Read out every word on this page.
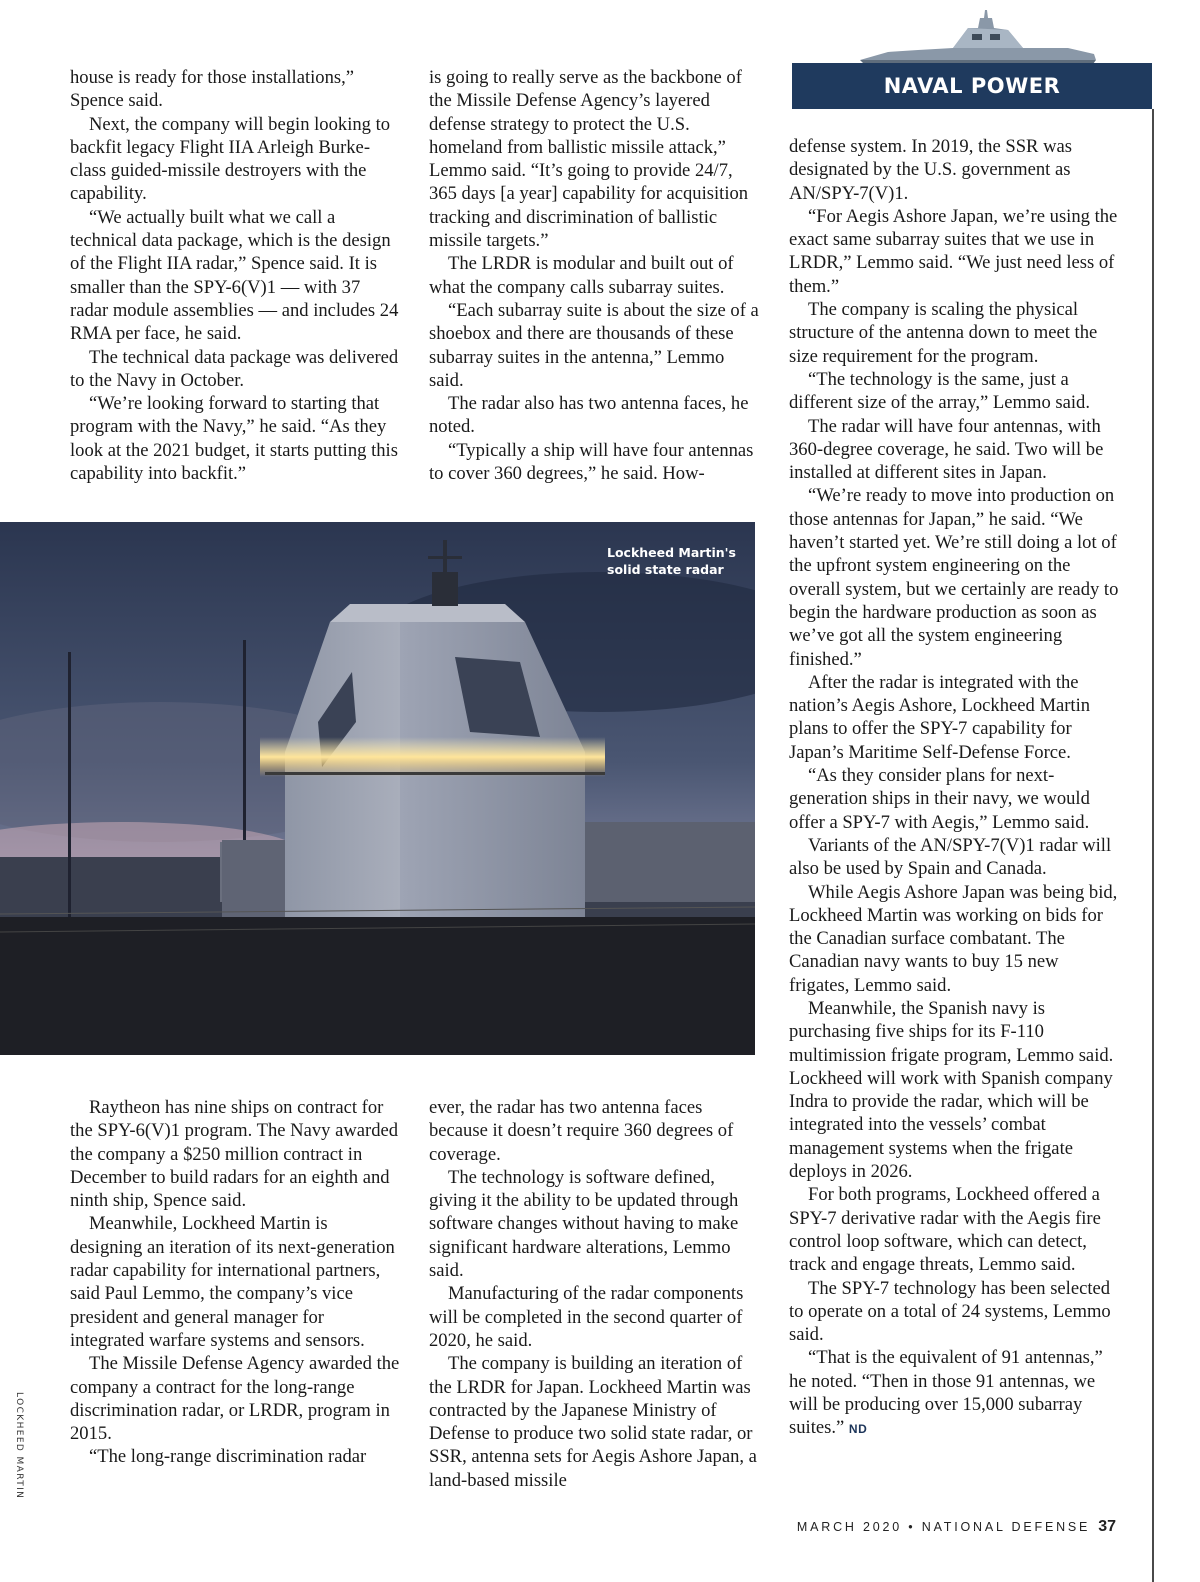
NAVAL POWER

house is ready for those installations,” Spence said.

Next, the company will begin looking to backfit legacy Flight IIA Arleigh Burke-class guided-missile destroyers with the capability.

“We actually built what we call a technical data package, which is the design of the Flight IIA radar,” Spence said. It is smaller than the SPY-6(V)1 — with 37 radar module assemblies — and includes 24 RMA per face, he said.

The technical data package was delivered to the Navy in October.

“We’re looking forward to starting that program with the Navy,” he said. “As they look at the 2021 budget, it starts putting this capability into backfit.”

is going to really serve as the backbone of the Missile Defense Agency’s layered defense strategy to protect the U.S. homeland from ballistic missile attack,” Lemmo said. “It’s going to provide 24/7, 365 days [a year] capability for acquisition tracking and discrimination of ballistic missile targets.”

The LRDR is modular and built out of what the company calls subarray suites.

“Each subarray suite is about the size of a shoebox and there are thousands of these subarray suites in the antenna,” Lemmo said.

The radar also has two antenna faces, he noted.

“Typically a ship will have four antennas to cover 360 degrees,” he said. How-

Lockheed Martin's
solid state radar

Raytheon has nine ships on contract for the SPY-6(V)1 program. The Navy awarded the company a $250 million contract in December to build radars for an eighth and ninth ship, Spence said.

Meanwhile, Lockheed Martin is designing an iteration of its next-generation radar capability for international partners, said Paul Lemmo, the company’s vice president and general manager for integrated warfare systems and sensors.

The Missile Defense Agency awarded the company a contract for the long-range discrimination radar, or LRDR, program in 2015.

“The long-range discrimination radar

ever, the radar has two antenna faces because it doesn’t require 360 degrees of coverage.

The technology is software defined, giving it the ability to be updated through software changes without having to make significant hardware alterations, Lemmo said.

Manufacturing of the radar components will be completed in the second quarter of 2020, he said.

The company is building an iteration of the LRDR for Japan. Lockheed Martin was contracted by the Japanese Ministry of Defense to produce two solid state radar, or SSR, antenna sets for Aegis Ashore Japan, a land-based missile

defense system. In 2019, the SSR was designated by the U.S. government as AN/SPY-7(V)1.

“For Aegis Ashore Japan, we’re using the exact same subarray suites that we use in LRDR,” Lemmo said. “We just need less of them.”

The company is scaling the physical structure of the antenna down to meet the size requirement for the program.

“The technology is the same, just a different size of the array,” Lemmo said.

The radar will have four antennas, with 360-degree coverage, he said. Two will be installed at different sites in Japan.

“We’re ready to move into production on those antennas for Japan,” he said. “We haven’t started yet. We’re still doing a lot of the upfront system engineering on the overall system, but we certainly are ready to begin the hardware production as soon as we’ve got all the system engineering finished.”

After the radar is integrated with the nation’s Aegis Ashore, Lockheed Martin plans to offer the SPY-7 capability for Japan’s Maritime Self-Defense Force.

“As they consider plans for next-generation ships in their navy, we would offer a SPY-7 with Aegis,” Lemmo said.

Variants of the AN/SPY-7(V)1 radar will also be used by Spain and Canada.

While Aegis Ashore Japan was being bid, Lockheed Martin was working on bids for the Canadian surface combatant. The Canadian navy wants to buy 15 new frigates, Lemmo said.

Meanwhile, the Spanish navy is purchasing five ships for its F-110 multimission frigate program, Lemmo said. Lockheed will work with Spanish company Indra to provide the radar, which will be integrated into the vessels’ combat management systems when the frigate deploys in 2026.

For both programs, Lockheed offered a SPY-7 derivative radar with the Aegis fire control loop software, which can detect, track and engage threats, Lemmo said.

The SPY-7 technology has been selected to operate on a total of 24 systems, Lemmo said.

“That is the equivalent of 91 antennas,” he noted. “Then in those 91 antennas, we will be producing over 15,000 subarray suites.” ND

LOCKHEED MARTIN
MARCH 2020 • NATIONAL DEFENSE 37
